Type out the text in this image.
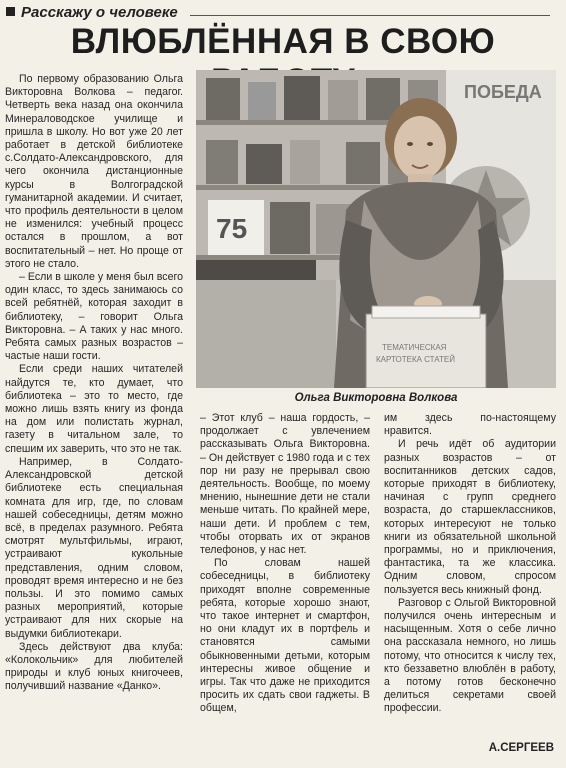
Расскажу о человеке
ВЛЮБЛЁННАЯ В СВОЮ

По первому образованию Ольга Викторовна Волкова – педагог. Четверть века назад она окончила Минераловодское училище и пришла в школу. Но вот уже 20 лет работает в детской библиотеке с.Солдато-Александровского, для чего окончила дистанционные курсы в Волгоградской гуманитарной академии. И считает, что профиль деятельности в целом не изменился: учебный процесс остался в прошлом, а вот воспитательный – нет. Но проще от этого не стало.

– Если в школе у меня был всего один класс, то здесь занимаюсь со всей ребятнёй, которая заходит в библиотеку, – говорит Ольга Викторовна. – А таких у нас много. Ребята самых разных возрастов – частые наши гости.

Если среди наших читателей найдутся те, кто думает, что библиотека – это то место, где можно лишь взять книгу из фонда на дом или полистать журнал, газету в читальном зале, то спешим их заверить, что это не так.

Например, в Солдато-Александровской детской библиотеке есть специальная комната для игр, где, по словам нашей собеседницы, детям можно всё, в пределах разумного. Ребята смотрят мультфильмы, играют, устраивают кукольные представления, одним словом, проводят время интересно и не без пользы. И это помимо самых разных мероприятий, которые устраивают для них скорые на выдумки библиотекари.

Здесь действуют два клуба: «Колокольчик» для любителей природы и клуб юных книгочеев, получивший название «Данко».

ПОБЕДА
75
ТЕМАТИЧЕСКАЯ
КАРТОТЕКА СТАТЕЙ
Ольга Викторовна Волкова

– Этот клуб – наша гордость, – продолжает с увлечением рассказывать Ольга Викторовна. – Он действует с 1980 года и с тех пор ни разу не прерывал свою деятельность. Вообще, по моему мнению, нынешние дети не стали меньше читать. По крайней мере, наши дети. И проблем с тем, чтобы оторвать их от экранов телефонов, у нас нет.

По словам нашей собеседницы, в библиотеку приходят вполне современные ребята, которые хорошо знают, что такое интернет и смартфон, но они кладут их в портфель и становятся самыми обыкновенными детьми, которым интересны живое общение и игры. Так что даже не приходится просить их сдать свои гаджеты. В общем,

им здесь по-настоящему нравится.

И речь идёт об аудитории разных возрастов – от воспитанников детских садов, которые приходят в библиотеку, начиная с групп среднего возраста, до старшеклассников, которых интересуют не только книги из обязательной школьной программы, но и приключения, фантастика, та же классика. Одним словом, спросом пользуется весь книжный фонд.

Разговор с Ольгой Викторовной получился очень интересным и насыщенным. Хотя о себе лично она рассказала немного, но лишь потому, что относится к числу тех, кто беззаветно влюблён в работу, а потому готов бесконечно делиться секретами своей профессии.

А.СЕРГЕЕВ
